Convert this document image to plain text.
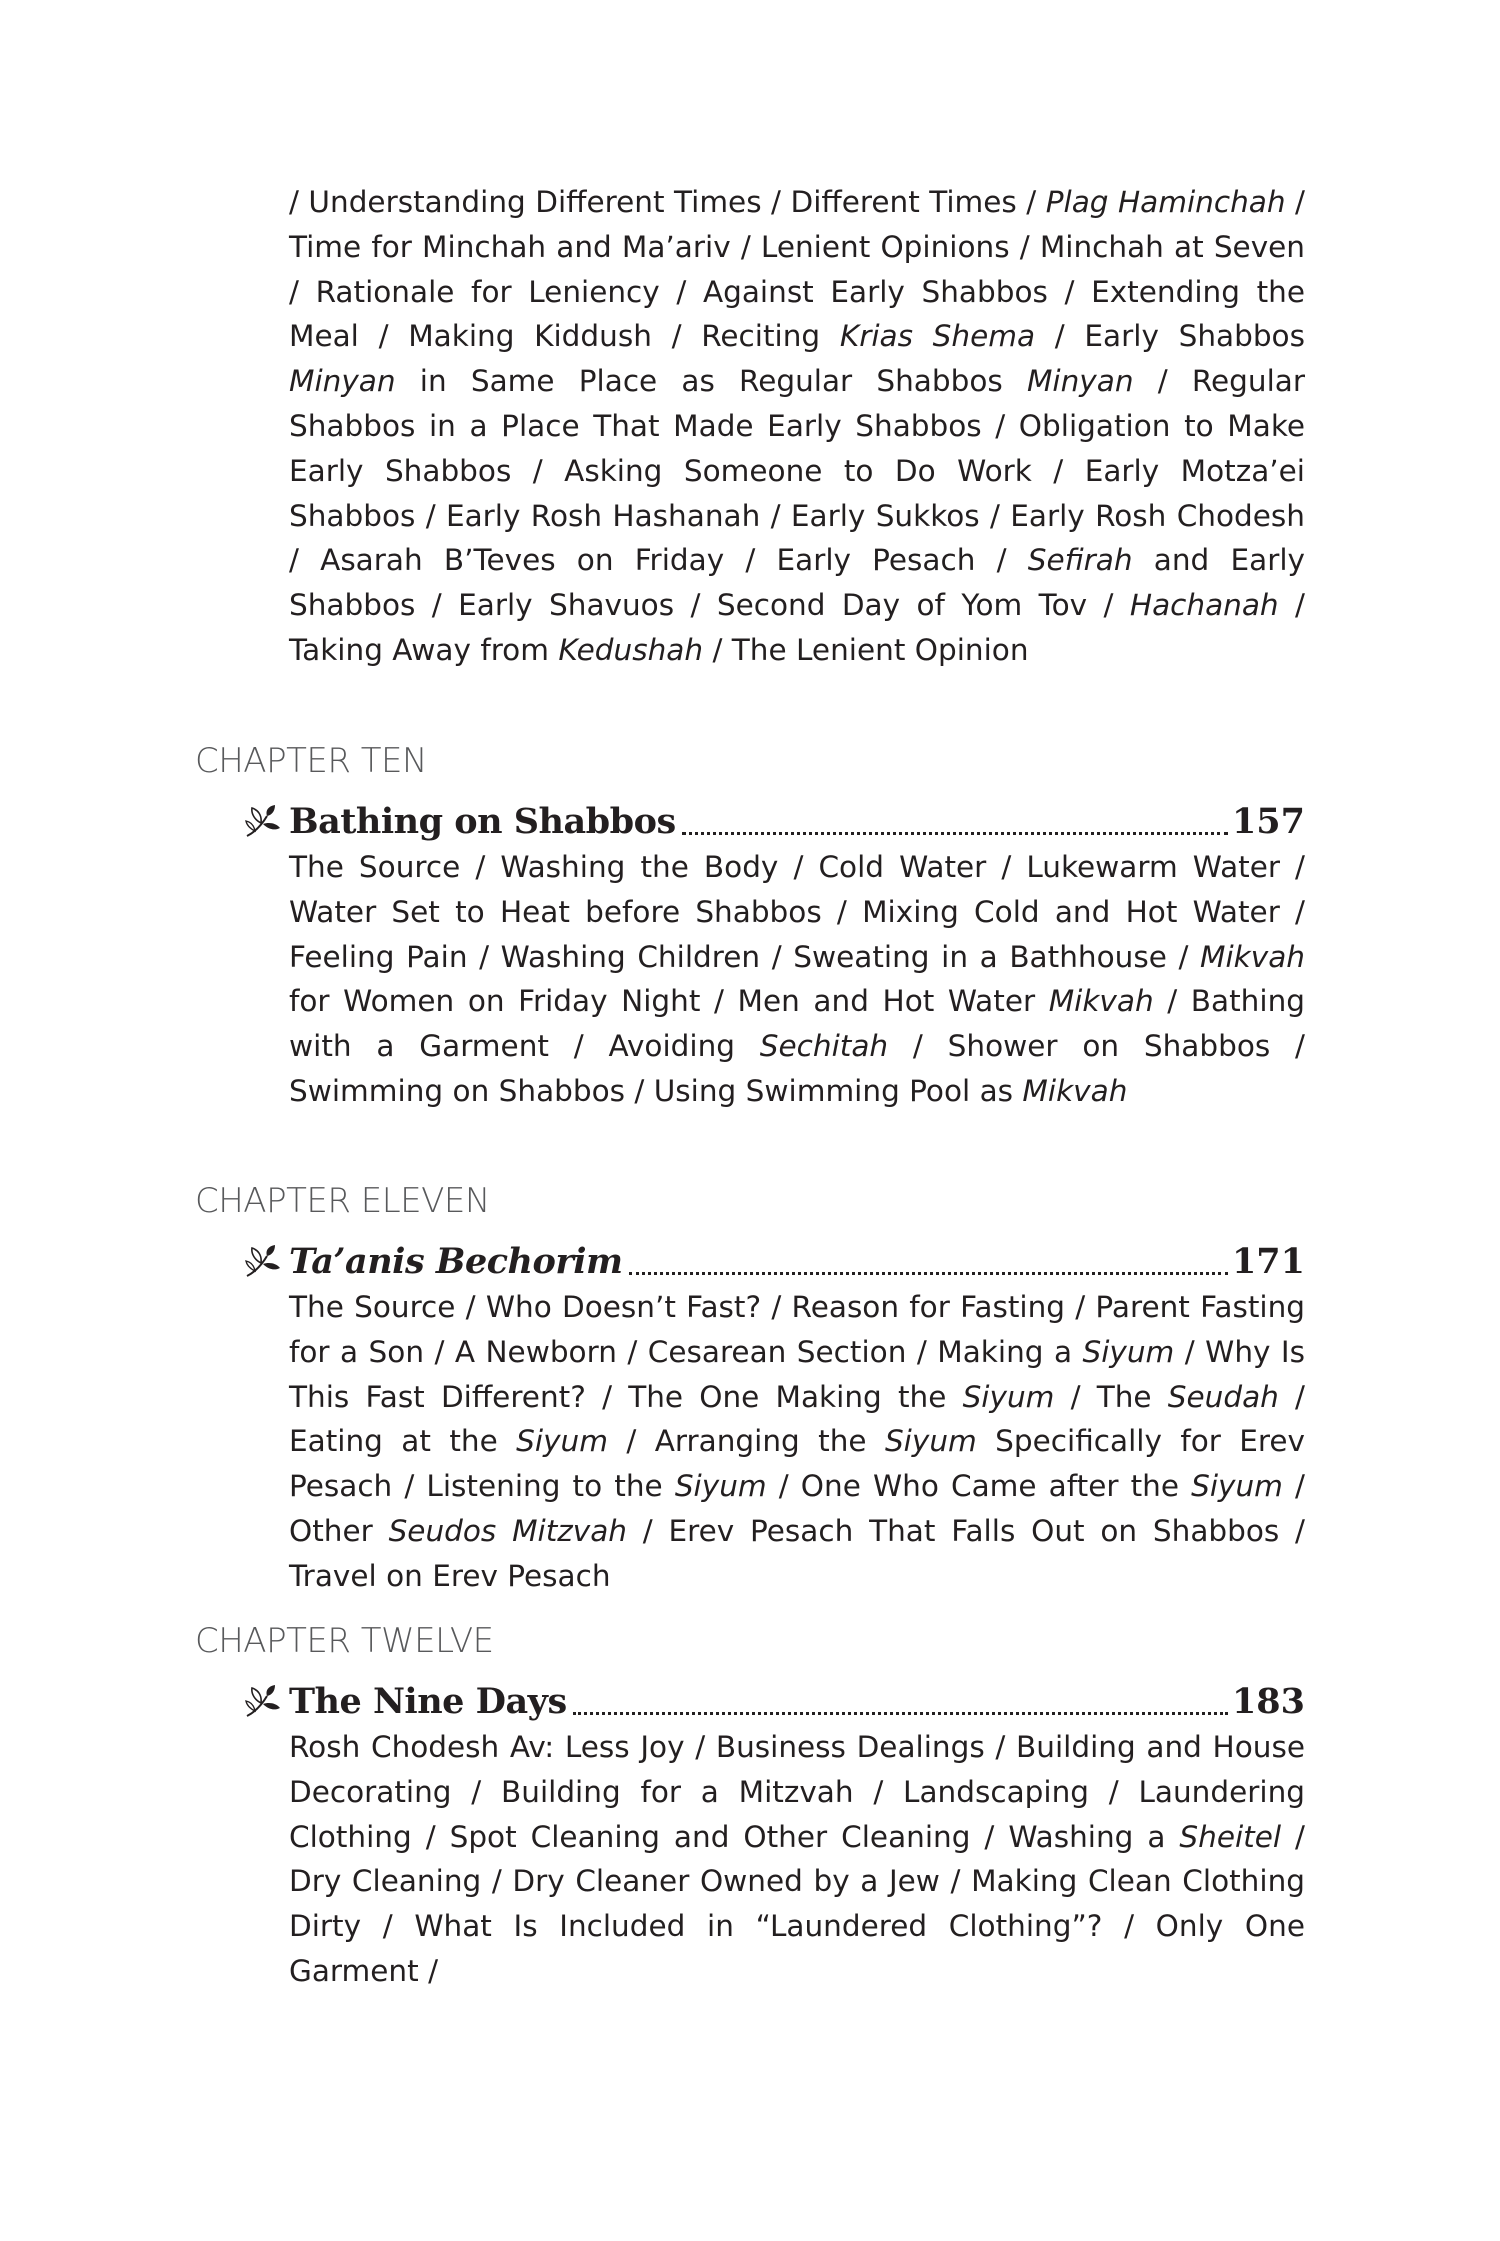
/ Understanding Different Times / Different Times / Plag Haminchah / Time for Minchah and Ma’ariv / Lenient Opinions / Minchah at Seven / Rationale for Leniency / Against Early Shabbos / Extending the Meal / Making Kiddush / Reciting Krias Shema / Early Shabbos Minyan in Same Place as Regular Shabbos Minyan / Regular Shabbos in a Place That Made Early Shabbos / Obligation to Make Early Shabbos / Asking Someone to Do Work / Early Motza’ei Shabbos / Early Rosh Hashanah / Early Sukkos / Early Rosh Chodesh / Asarah B’Teves on Friday / Early Pesach / Sefirah and Early Shabbos / Early Shavuos / Second Day of Yom Tov / Hachanah / Taking Away from Kedushah / The Lenient Opinion

CHAPTER TEN
Bathing on Shabbos	157

The Source / Washing the Body / Cold Water / Lukewarm Water / Water Set to Heat before Shabbos / Mixing Cold and Hot Water / Feeling Pain / Washing Children / Sweating in a Bathhouse / Mikvah for Women on Friday Night / Men and Hot Water Mikvah / Bathing with a Garment / Avoiding Sechitah / Shower on Shabbos / Swimming on Shabbos / Using Swimming Pool as Mikvah

CHAPTER ELEVEN
Ta’anis Bechorim	171

The Source / Who Doesn’t Fast? / Reason for Fasting / Parent Fasting for a Son / A Newborn / Cesarean Section / Making a Siyum / Why Is This Fast Different? / The One Making the Siyum / The Seudah / Eating at the Siyum / Arranging the Siyum Specifically for Erev Pesach / Listening to the Siyum / One Who Came after the Siyum / Other Seudos Mitzvah / Erev Pesach That Falls Out on Shabbos / Travel on Erev Pesach

CHAPTER TWELVE
The Nine Days	183

Rosh Chodesh Av: Less Joy / Business Dealings / Building and House Decorating / Building for a Mitzvah / Landscaping / Laundering Clothing / Spot Cleaning and Other Cleaning / Washing a Sheitel / Dry Cleaning / Dry Cleaner Owned by a Jew / Making Clean Clothing Dirty / What Is Included in “Laundered Clothing”? / Only One Garment /
